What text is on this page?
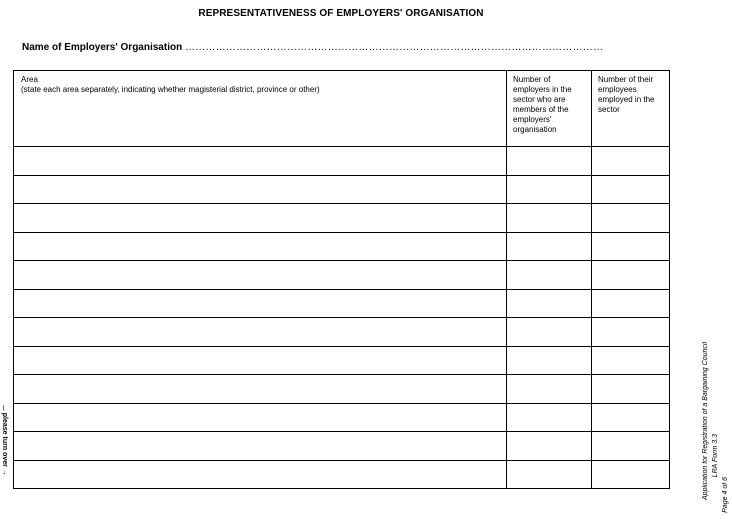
REPRESENTATIVENESS OF EMPLOYERS' ORGANISATION
Name of Employers' Organisation ……………………………………………………………………………………………………………
Area
(state each area separately, indicating whether magisterial district, province or other)	Number of employers in the sector who are members of the employers' organisation	Number of their employees employed in the sector

... please turn over →	Application for Registration of a Bargaining Council LRA Form 3.3
Page 4 of 6
